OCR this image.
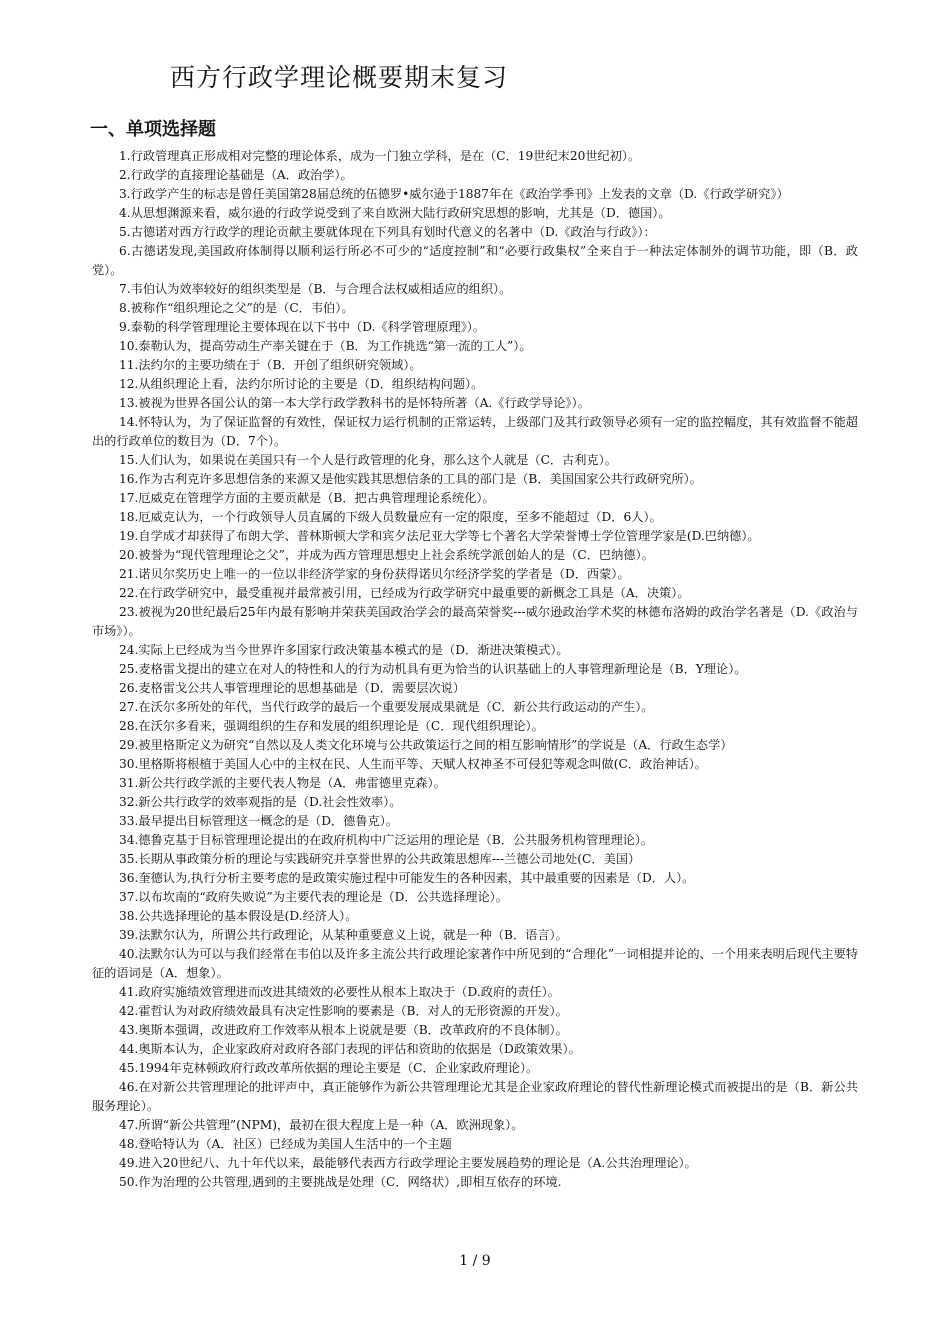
西方行政学理论概要期末复习
一、单项选择题

1.行政管理真正形成相对完整的理论体系，成为一门独立学科，是在（C．19世纪末20世纪初）。

2.行政学的直接理论基础是（A．政治学）。

3.行政学产生的标志是曾任美国第28届总统的伍德罗•威尔逊于1887年在《政治学季刊》上发表的文章（D.《行政学研究》）

4.从思想渊源来看，威尔逊的行政学说受到了来自欧洲大陆行政研究思想的影响，尤其是（D．德国）。

5.古德诺对西方行政学的理论贡献主要就体现在下列具有划时代意义的名著中（D.《政治与行政》）：

6.古德诺发现,美国政府体制得以顺利运行所必不可少的“适度控制”和“必要行政集权”全来自于一种法定体制外的调节功能，即（B．政党）。

7.韦伯认为效率较好的组织类型是（B．与合理合法权威相适应的组织）。

8.被称作“组织理论之父”的是（C．韦伯）。

9.泰勒的科学管理理论主要体现在以下书中（D.《科学管理原理》）。

10.泰勒认为，提高劳动生产率关键在于（B．为工作挑选“第一流的工人”）。

11.法约尔的主要功绩在于（B．开创了组织研究领域）。

12.从组织理论上看，法约尔所讨论的主要是（D．组织结构问题）。

13.被视为世界各国公认的第一本大学行政学教科书的是怀特所著（A.《行政学导论》）。

14.怀特认为，为了保证监督的有效性，保证权力运行机制的正常运转，上级部门及其行政领导必须有一定的监控幅度，其有效监督不能超出的行政单位的数目为（D．7个）。

15.人们认为，如果说在美国只有一个人是行政管理的化身，那么这个人就是（C．古利克）。

16.作为古利克许多思想信条的来源又是他实践其思想信条的工具的部门是（B．美国国家公共行政研究所）。

17.厄威克在管理学方面的主要贡献是（B．把古典管理理论系统化）。

18.厄威克认为，一个行政领导人员直属的下级人员数量应有一定的限度，至多不能超过（D．6人）。

19.自学成才却获得了布朗大学、普林斯顿大学和宾夕法尼亚大学等七个著名大学荣誉博士学位管理学家是(D.巴纳德）。

20.被誉为“现代管理理论之父”，并成为西方管理思想史上社会系统学派创始人的是（C．巴纳德）。

21.诺贝尔奖历史上唯一的一位以非经济学家的身份获得诺贝尔经济学奖的学者是（D．西蒙）。

22.在行政学研究中，最受重视并最常被引用，已经成为行政学研究中最重要的新概念工具是（A．决策）。

23.被视为20世纪最后25年内最有影响并荣获美国政治学会的最高荣誉奖---威尔逊政治学术奖的林德布洛姆的政治学名著是（D.《政治与市场》）。

24.实际上已经成为当今世界许多国家行政决策基本模式的是（D．渐进决策模式）。

25.麦格雷戈提出的建立在对人的特性和人的行为动机具有更为恰当的认识基础上的人事管理新理论是（B．Y理论）。

26.麦格雷戈公共人事管理理论的思想基础是（D．需要层次说）

27.在沃尔多所处的年代，当代行政学的最后一个重要发展成果就是（C．新公共行政运动的产生）。

28.在沃尔多看来，强调组织的生存和发展的组织理论是（C．现代组织理论）。

29.被里格斯定义为研究“自然以及人类文化环境与公共政策运行之间的相互影响情形”的学说是（A．行政生态学）

30.里格斯将根植于美国人心中的主权在民、人生而平等、天赋人权神圣不可侵犯等观念叫做(C．政治神话）。

31.新公共行政学派的主要代表人物是（A．弗雷德里克森）。

32.新公共行政学的效率观指的是（D.社会性效率）。

33.最早提出目标管理这一概念的是（D．德鲁克）。

34.德鲁克基于目标管理理论提出的在政府机构中广泛运用的理论是（B．公共服务机构管理理论）。

35.长期从事政策分析的理论与实践研究并享誉世界的公共政策思想库---兰德公司地处(C．美国）

36.奎德认为,执行分析主要考虑的是政策实施过程中可能发生的各种因素，其中最重要的因素是（D．人）。

37.以布坎南的“政府失败说”为主要代表的理论是（D．公共选择理论）。

38.公共选择理论的基本假设是(D.经济人）。

39.法默尔认为，所谓公共行政理论，从某种重要意义上说，就是一种（B．语言）。

40.法默尔认为可以与我们经常在韦伯以及许多主流公共行政理论家著作中所见到的“合理化”一词相提并论的、一个用来表明后现代主要特征的语词是（A．想象）。

41.政府实施绩效管理进而改进其绩效的必要性从根本上取决于（D.政府的责任）。

42.霍哲认为对政府绩效最具有决定性影响的要素是（B．对人的无形资源的开发）。

43.奥斯本强调，改进政府工作效率从根本上说就是要（B．改革政府的不良体制）。

44.奥斯本认为，企业家政府对政府各部门表现的评估和资助的依据是（D政策效果）。

45.1994年克林顿政府行政改革所依据的理论主要是（C．企业家政府理论）。

46.在对新公共管理理论的批评声中，真正能够作为新公共管理理论尤其是企业家政府理论的替代性新理论模式而被提出的是（B．新公共服务理论）。

47.所谓“新公共管理”(NPM)，最初在很大程度上是一种（A．欧洲现象）。

48.登哈特认为（A．社区）已经成为美国人生活中的一个主题

49.进入20世纪八、九十年代以来，最能够代表西方行政学理论主要发展趋势的理论是（A.公共治理理论）。

50.作为治理的公共管理,遇到的主要挑战是处理（C．网络状）,即相互依存的环境.

1 / 9
